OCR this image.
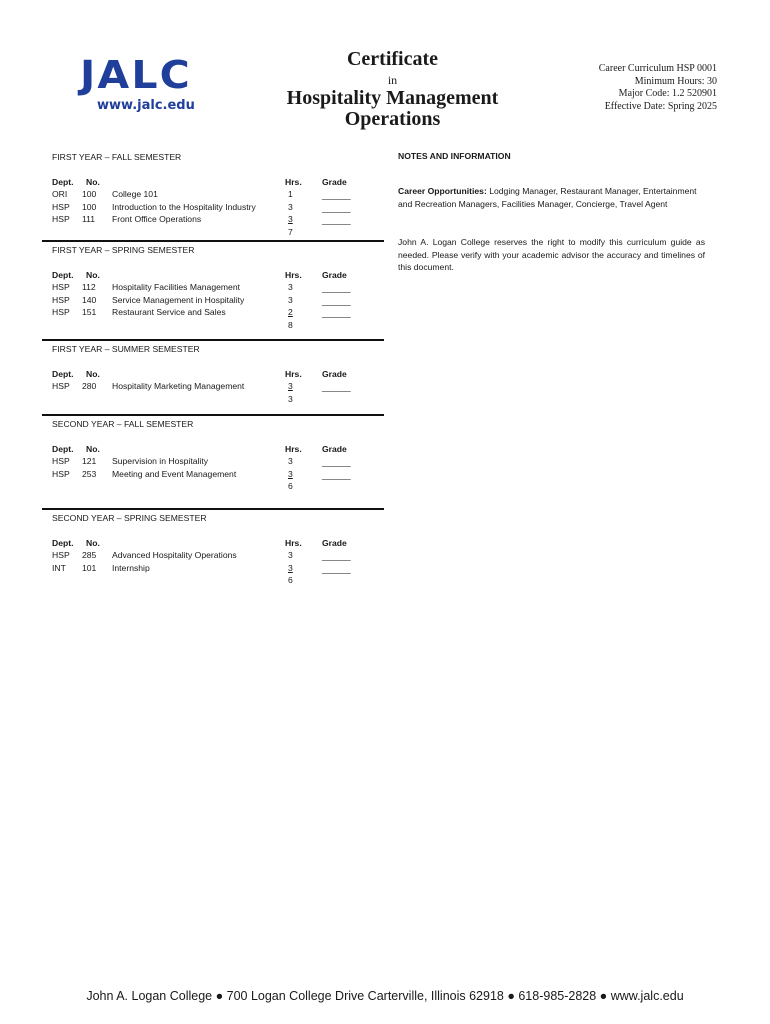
JALC
www.jalc.edu
Certificate
in
Hospitality Management
Operations
Career Curriculum HSP 0001
Minimum Hours: 30
Major Code: 1.2 520901
Effective Date: Spring 2025
FIRST YEAR – FALL SEMESTER
Dept. No.	Hrs. Grade
ORI 100 College 101	1	______
HSP 100 Introduction to the Hospitality Industry	3	______
HSP 111 Front Office Operations	3	______
7
FIRST YEAR – SPRING SEMESTER
Dept. No.	Hrs. Grade
HSP 112 Hospitality Facilities Management	3	______
HSP 140 Service Management in Hospitality	3	______
HSP 151 Restaurant Service and Sales	2	______
8
FIRST YEAR – SUMMER SEMESTER
Dept. No.	Hrs. Grade
HSP 280 Hospitality Marketing Management	3	______
3
SECOND YEAR – FALL SEMESTER
Dept. No.	Hrs. Grade
HSP 121 Supervision in Hospitality	3	______
HSP 253 Meeting and Event Management	3	______
6
SECOND YEAR – SPRING SEMESTER
Dept. No.	Hrs. Grade
HSP 285 Advanced Hospitality Operations	3	______
INT 101 Internship	3	______
6
NOTES AND INFORMATION
Career Opportunities: Lodging Manager, Restaurant Manager, Entertainment and Recreation Managers, Facilities Manager, Concierge, Travel Agent
John A. Logan College reserves the right to modify this curriculum guide as needed. Please verify with your academic advisor the accuracy and timelines of this document.
John A. Logan College ● 700 Logan College Drive Carterville, Illinois 62918 ● 618-985-2828 ● www.jalc.edu
